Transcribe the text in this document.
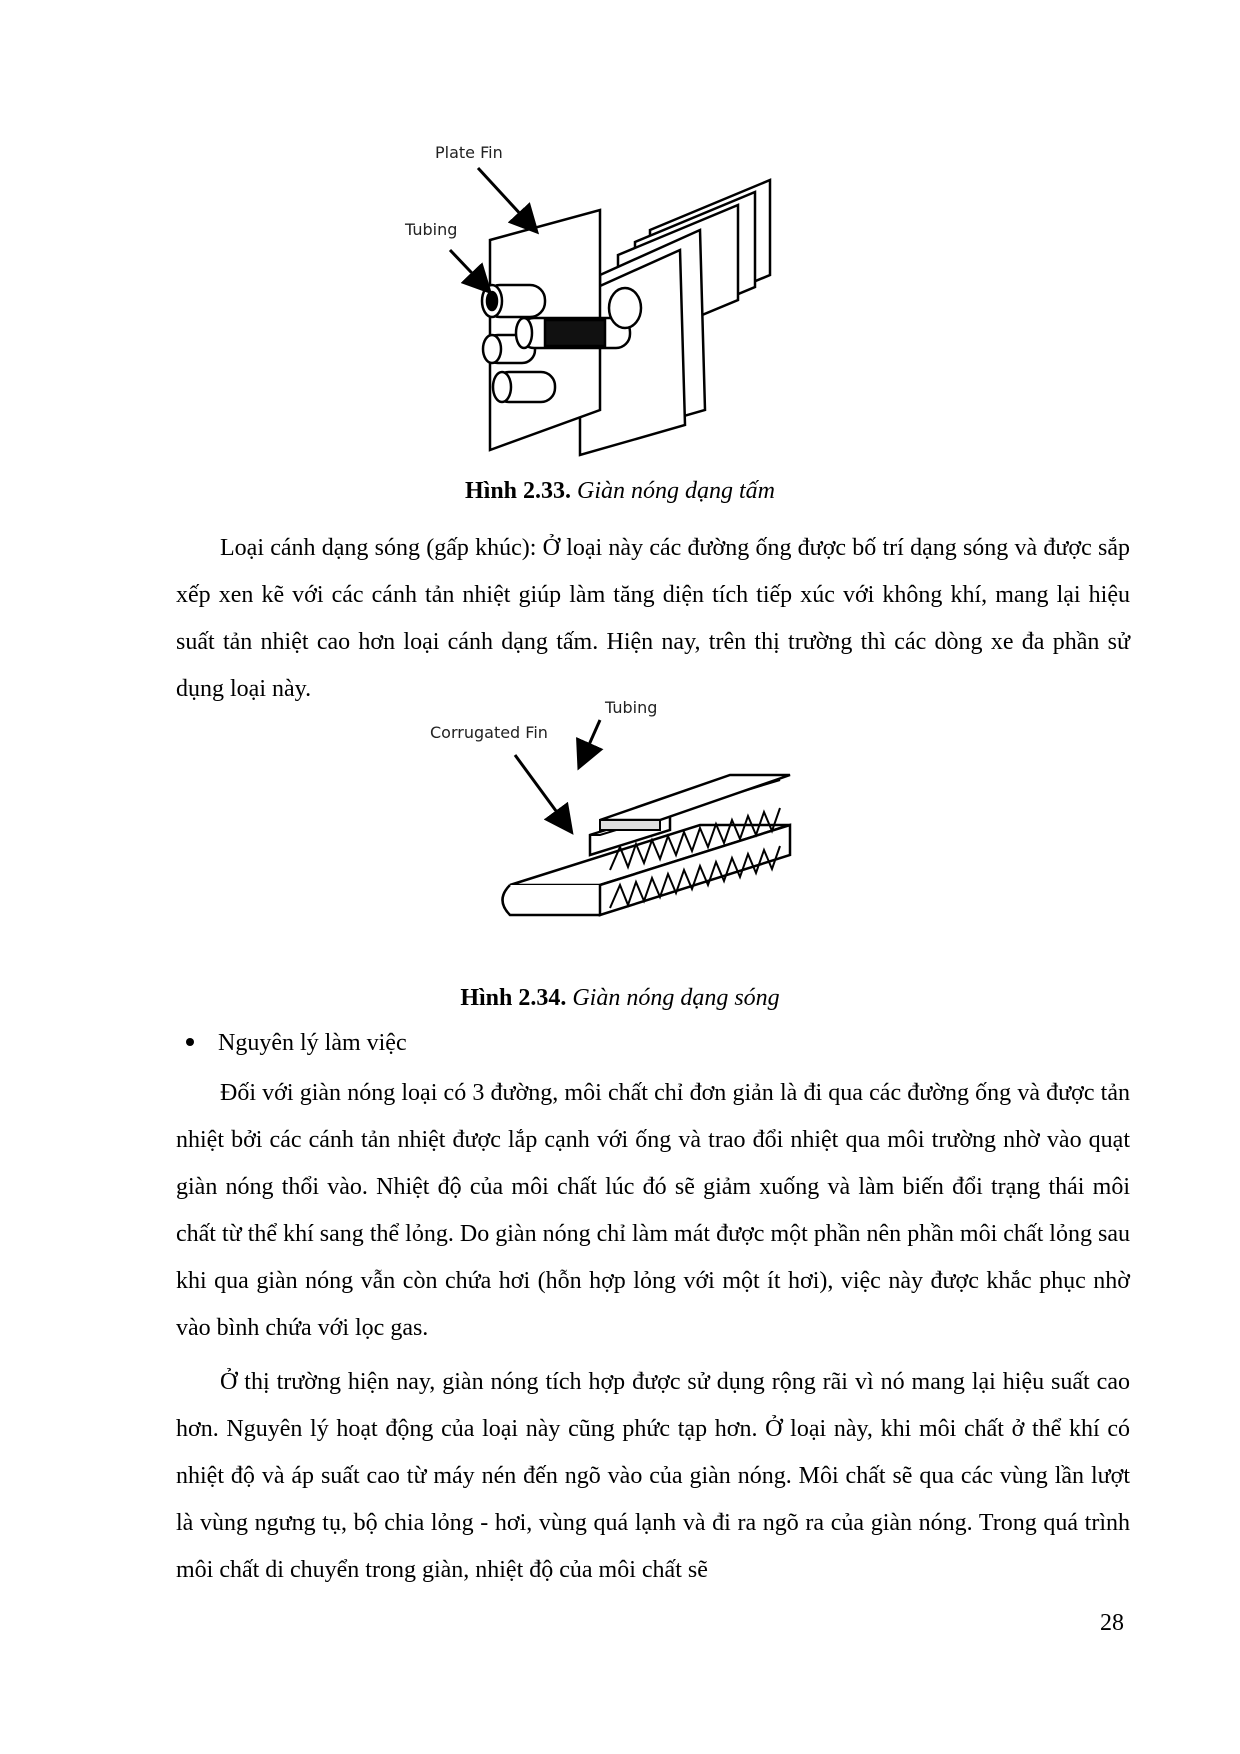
Plate Fin
Tubing
Hình 2.33. Giàn nóng dạng tấm

Loại cánh dạng sóng (gấp khúc): Ở loại này các đường ống được bố trí dạng sóng và được sắp xếp xen kẽ với các cánh tản nhiệt giúp làm tăng diện tích tiếp xúc với không khí, mang lại hiệu suất tản nhiệt cao hơn loại cánh dạng tấm. Hiện nay, trên thị trường thì các dòng xe đa phần sử dụng loại này.

Corrugated Fin
Tubing
Hình 2.34. Giàn nóng dạng sóng

Nguyên lý làm việc

Đối với giàn nóng loại có 3 đường, môi chất chỉ đơn giản là đi qua các đường ống và được tản nhiệt bởi các cánh tản nhiệt được lắp cạnh với ống và trao đổi nhiệt qua môi trường nhờ vào quạt giàn nóng thổi vào. Nhiệt độ của môi chất lúc đó sẽ giảm xuống và làm biến đổi trạng thái môi chất từ thể khí sang thể lỏng. Do giàn nóng chỉ làm mát được một phần nên phần môi chất lỏng sau khi qua giàn nóng vẫn còn chứa hơi (hỗn hợp lỏng với một ít hơi), việc này được khắc phục nhờ vào bình chứa với lọc gas.

Ở thị trường hiện nay, giàn nóng tích hợp được sử dụng rộng rãi vì nó mang lại hiệu suất cao hơn. Nguyên lý hoạt động của loại này cũng phức tạp hơn. Ở loại này, khi môi chất ở thể khí có nhiệt độ và áp suất cao từ máy nén đến ngõ vào của giàn nóng. Môi chất sẽ qua các vùng lần lượt là vùng ngưng tụ, bộ chia lỏng - hơi, vùng quá lạnh và đi ra ngõ ra của giàn nóng. Trong quá trình môi chất di chuyển trong giàn, nhiệt độ của môi chất sẽ

28
